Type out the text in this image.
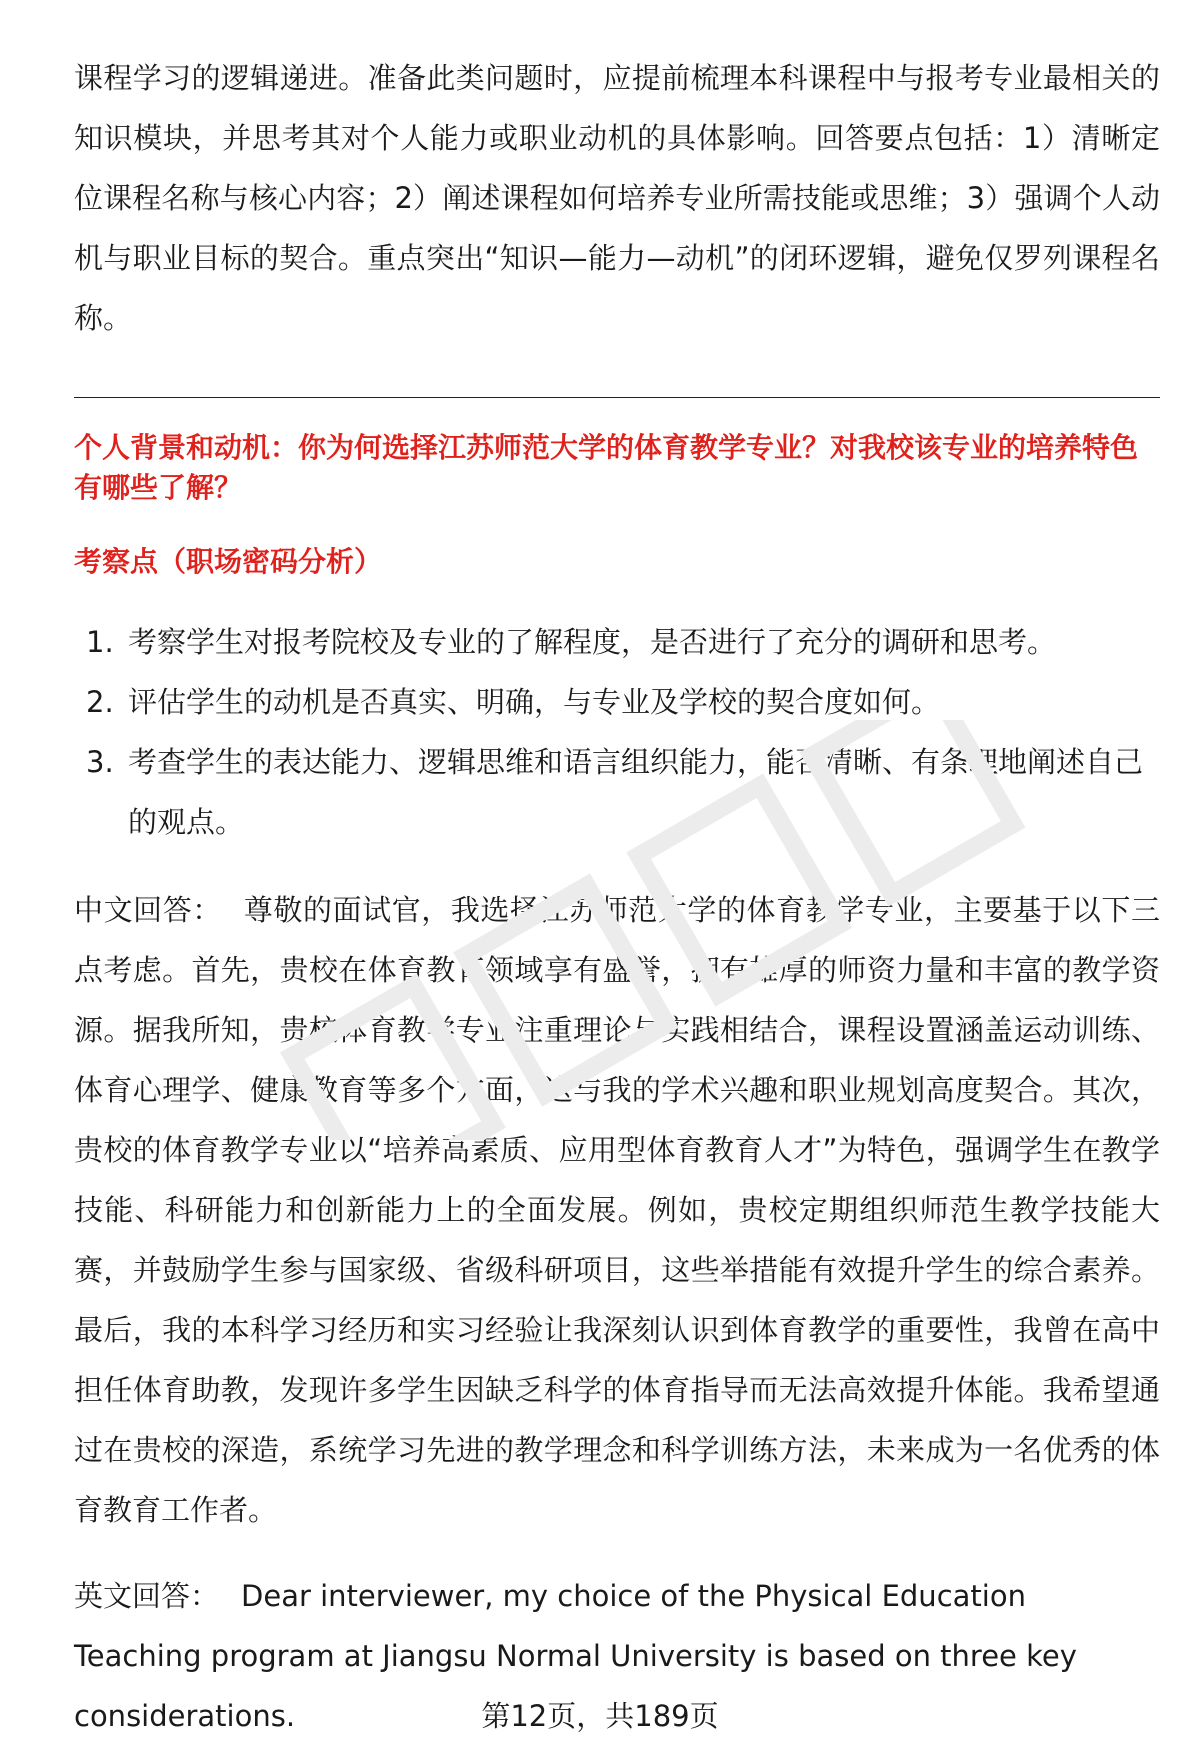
课程学习的逻辑递进。准备此类问题时，应提前梳理本科课程中与报考专业最相关的知识模块，并思考其对个人能力或职业动机的具体影响。回答要点包括：1）清晰定位课程名称与核心内容；2）阐述课程如何培养专业所需技能或思维；3）强调个人动机与职业目标的契合。重点突出“知识—能力—动机”的闭环逻辑，避免仅罗列课程名称。

个人背景和动机：你为何选择江苏师范大学的体育教学专业？对我校该专业的培养特色有哪些了解？

考察点（职场密码分析）

1. 考察学生对报考院校及专业的了解程度，是否进行了充分的调研和思考。
2. 评估学生的动机是否真实、明确，与专业及学校的契合度如何。
3. 考查学生的表达能力、逻辑思维和语言组织能力，能否清晰、有条理地阐述自己的观点。

中文回答： 尊敬的面试官，我选择江苏师范大学的体育教学专业，主要基于以下三点考虑。首先，贵校在体育教育领域享有盛誉，拥有雄厚的师资力量和丰富的教学资源。据我所知，贵校体育教学专业注重理论与实践相结合，课程设置涵盖运动训练、体育心理学、健康教育等多个方面，这与我的学术兴趣和职业规划高度契合。其次，贵校的体育教学专业以“培养高素质、应用型体育教育人才”为特色，强调学生在教学技能、科研能力和创新能力上的全面发展。例如，贵校定期组织师范生教学技能大赛，并鼓励学生参与国家级、省级科研项目，这些举措能有效提升学生的综合素养。最后，我的本科学习经历和实习经验让我深刻认识到体育教学的重要性，我曾在高中担任体育助教，发现许多学生因缺乏科学的体育指导而无法高效提升体能。我希望通过在贵校的深造，系统学习先进的教学理念和科学训练方法，未来成为一名优秀的体育教育工作者。

英文回答： Dear interviewer, my choice of the Physical Education Teaching program at Jiangsu Normal University is based on three key considerations.	第12页，共189页
